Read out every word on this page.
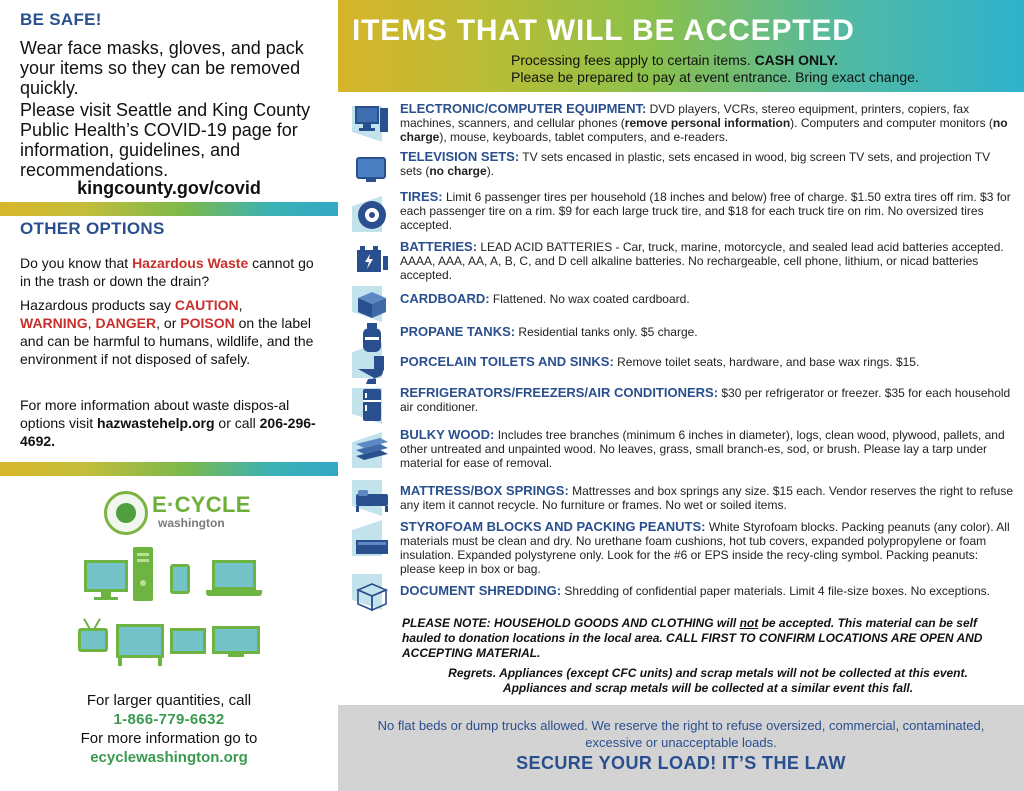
BE SAFE!
Wear face masks, gloves, and pack your items so they can be removed quickly.
Please visit Seattle and King County Public Health’s COVID-19 page for information, guidelines, and recommendations.
kingcounty.gov/covid
OTHER OPTIONS
Do you know that Hazardous Waste cannot go in the trash or down the drain?
Hazardous products say CAUTION,
WARNING, DANGER, or POISON on the label and can be harmful to humans, wildlife, and the environment if not disposed of safely.
For more information about waste dispos-al options visit hazwastehelp.org or call 206-296-4692.
E·CYCLE
washington
For larger quantities, call
1-866-779-6632
For more information go to
ecyclewashington.org
ITEMS THAT WILL BE ACCEPTED
Processing fees apply to certain items. CASH ONLY.
Please be prepared to pay at event entrance. Bring exact change.
ELECTRONIC/COMPUTER EQUIPMENT: DVD players, VCRs, stereo equipment, printers, copiers, fax machines, scanners, and cellular phones (remove personal information). Computers and computer monitors (no charge), mouse, keyboards, tablet computers, and e-readers.
TELEVISION SETS: TV sets encased in plastic, sets encased in wood, big screen TV sets, and projection TV sets (no charge).
TIRES: Limit 6 passenger tires per household (18 inches and below) free of charge. $1.50 extra tires off rim. $3 for each passenger tire on a rim. $9 for each large truck tire, and $18 for each truck tire on rim. No oversized tires accepted.
BATTERIES: LEAD ACID BATTERIES - Car, truck, marine, motorcycle, and sealed lead acid batteries accepted. AAAA, AAA, AA, A, B, C, and D cell alkaline batteries. No rechargeable, cell phone, lithium, or nicad batteries accepted.
CARDBOARD: Flattened. No wax coated cardboard.
PROPANE TANKS: Residential tanks only. $5 charge.
PORCELAIN TOILETS AND SINKS: Remove toilet seats, hardware, and base wax rings. $15.
REFRIGERATORS/FREEZERS/AIR CONDITIONERS: $30 per refrigerator or freezer. $35 for each household air conditioner.
BULKY WOOD: Includes tree branches (minimum 6 inches in diameter), logs, clean wood, plywood, pallets, and other untreated and unpainted wood. No leaves, grass, small branch-es, sod, or brush. Please lay a tarp under material for ease of removal.
MATTRESS/BOX SPRINGS: Mattresses and box springs any size. $15 each. Vendor reserves the right to refuse any item it cannot recycle. No furniture or frames. No wet or soiled items.
STYROFOAM BLOCKS AND PACKING PEANUTS: White Styrofoam blocks. Packing peanuts (any color). All materials must be clean and dry. No urethane foam cushions, hot tub covers, expanded polypropylene or foam insulation. Expanded polystyrene only. Look for the #6 or EPS inside the recy-cling symbol. Packing peanuts: please keep in box or bag.
DOCUMENT SHREDDING: Shredding of confidential paper materials. Limit 4 file-size boxes. No exceptions.
PLEASE NOTE: HOUSEHOLD GOODS AND CLOTHING will not be accepted. This material can be self hauled to donation locations in the local area. CALL FIRST TO CONFIRM LOCATIONS ARE OPEN AND ACCEPTING MATERIAL.
Regrets. Appliances (except CFC units) and scrap metals will not be collected at this event.
Appliances and scrap metals will be collected at a similar event this fall.
No flat beds or dump trucks allowed. We reserve the right to refuse oversized, commercial, contaminated, excessive or unacceptable loads.
SECURE YOUR LOAD! IT’S THE LAW
